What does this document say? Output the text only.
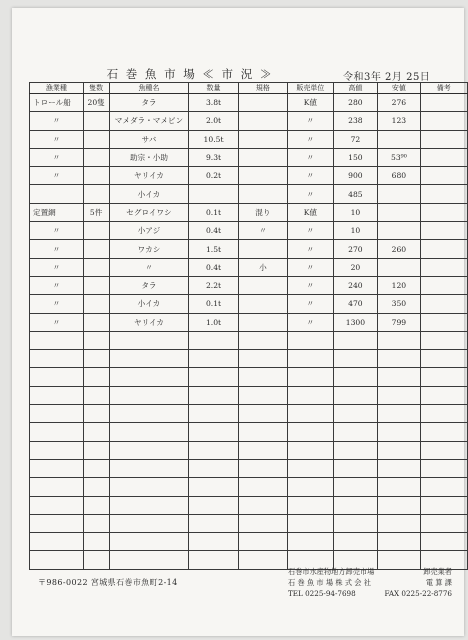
石 巻 魚 市 場 ≪ 市 況 ≫	令和3年 2月 25日
漁業種	隻数	魚種名	数量	規格	販売単位	高値	安値	備考
トロール船	20隻	タラ	3.8t		K値	280	276	
〃		マメダラ・マメビン	2.0t		〃	238	123	
〃		サバ	10.5t		〃	72		
〃		助宗・小助	9.3t		〃	150	53⁹⁰	
〃		ヤリイカ	0.2t		〃	900	680	
		小イカ			〃	485		
定置網	5件	セグロイワシ	0.1t	混り	K値	10		
〃		小アジ	0.4t	〃	〃	10		
〃		ワカシ	1.5t		〃	270	260	
〃		〃	0.4t	小	〃	20		
〃		タラ	2.2t		〃	240	120	
〃		小イカ	0.1t		〃	470	350	
〃		ヤリイカ	1.0t		〃	1300	799	

〒986-0022 宮城県石巻市魚町2-14
石巻市水産物地方卸売市場	卸売業者
石 巻 魚 市 場 株 式 会 社	電 算 課
TEL 0225-94-7698	FAX 0225-22-8776
